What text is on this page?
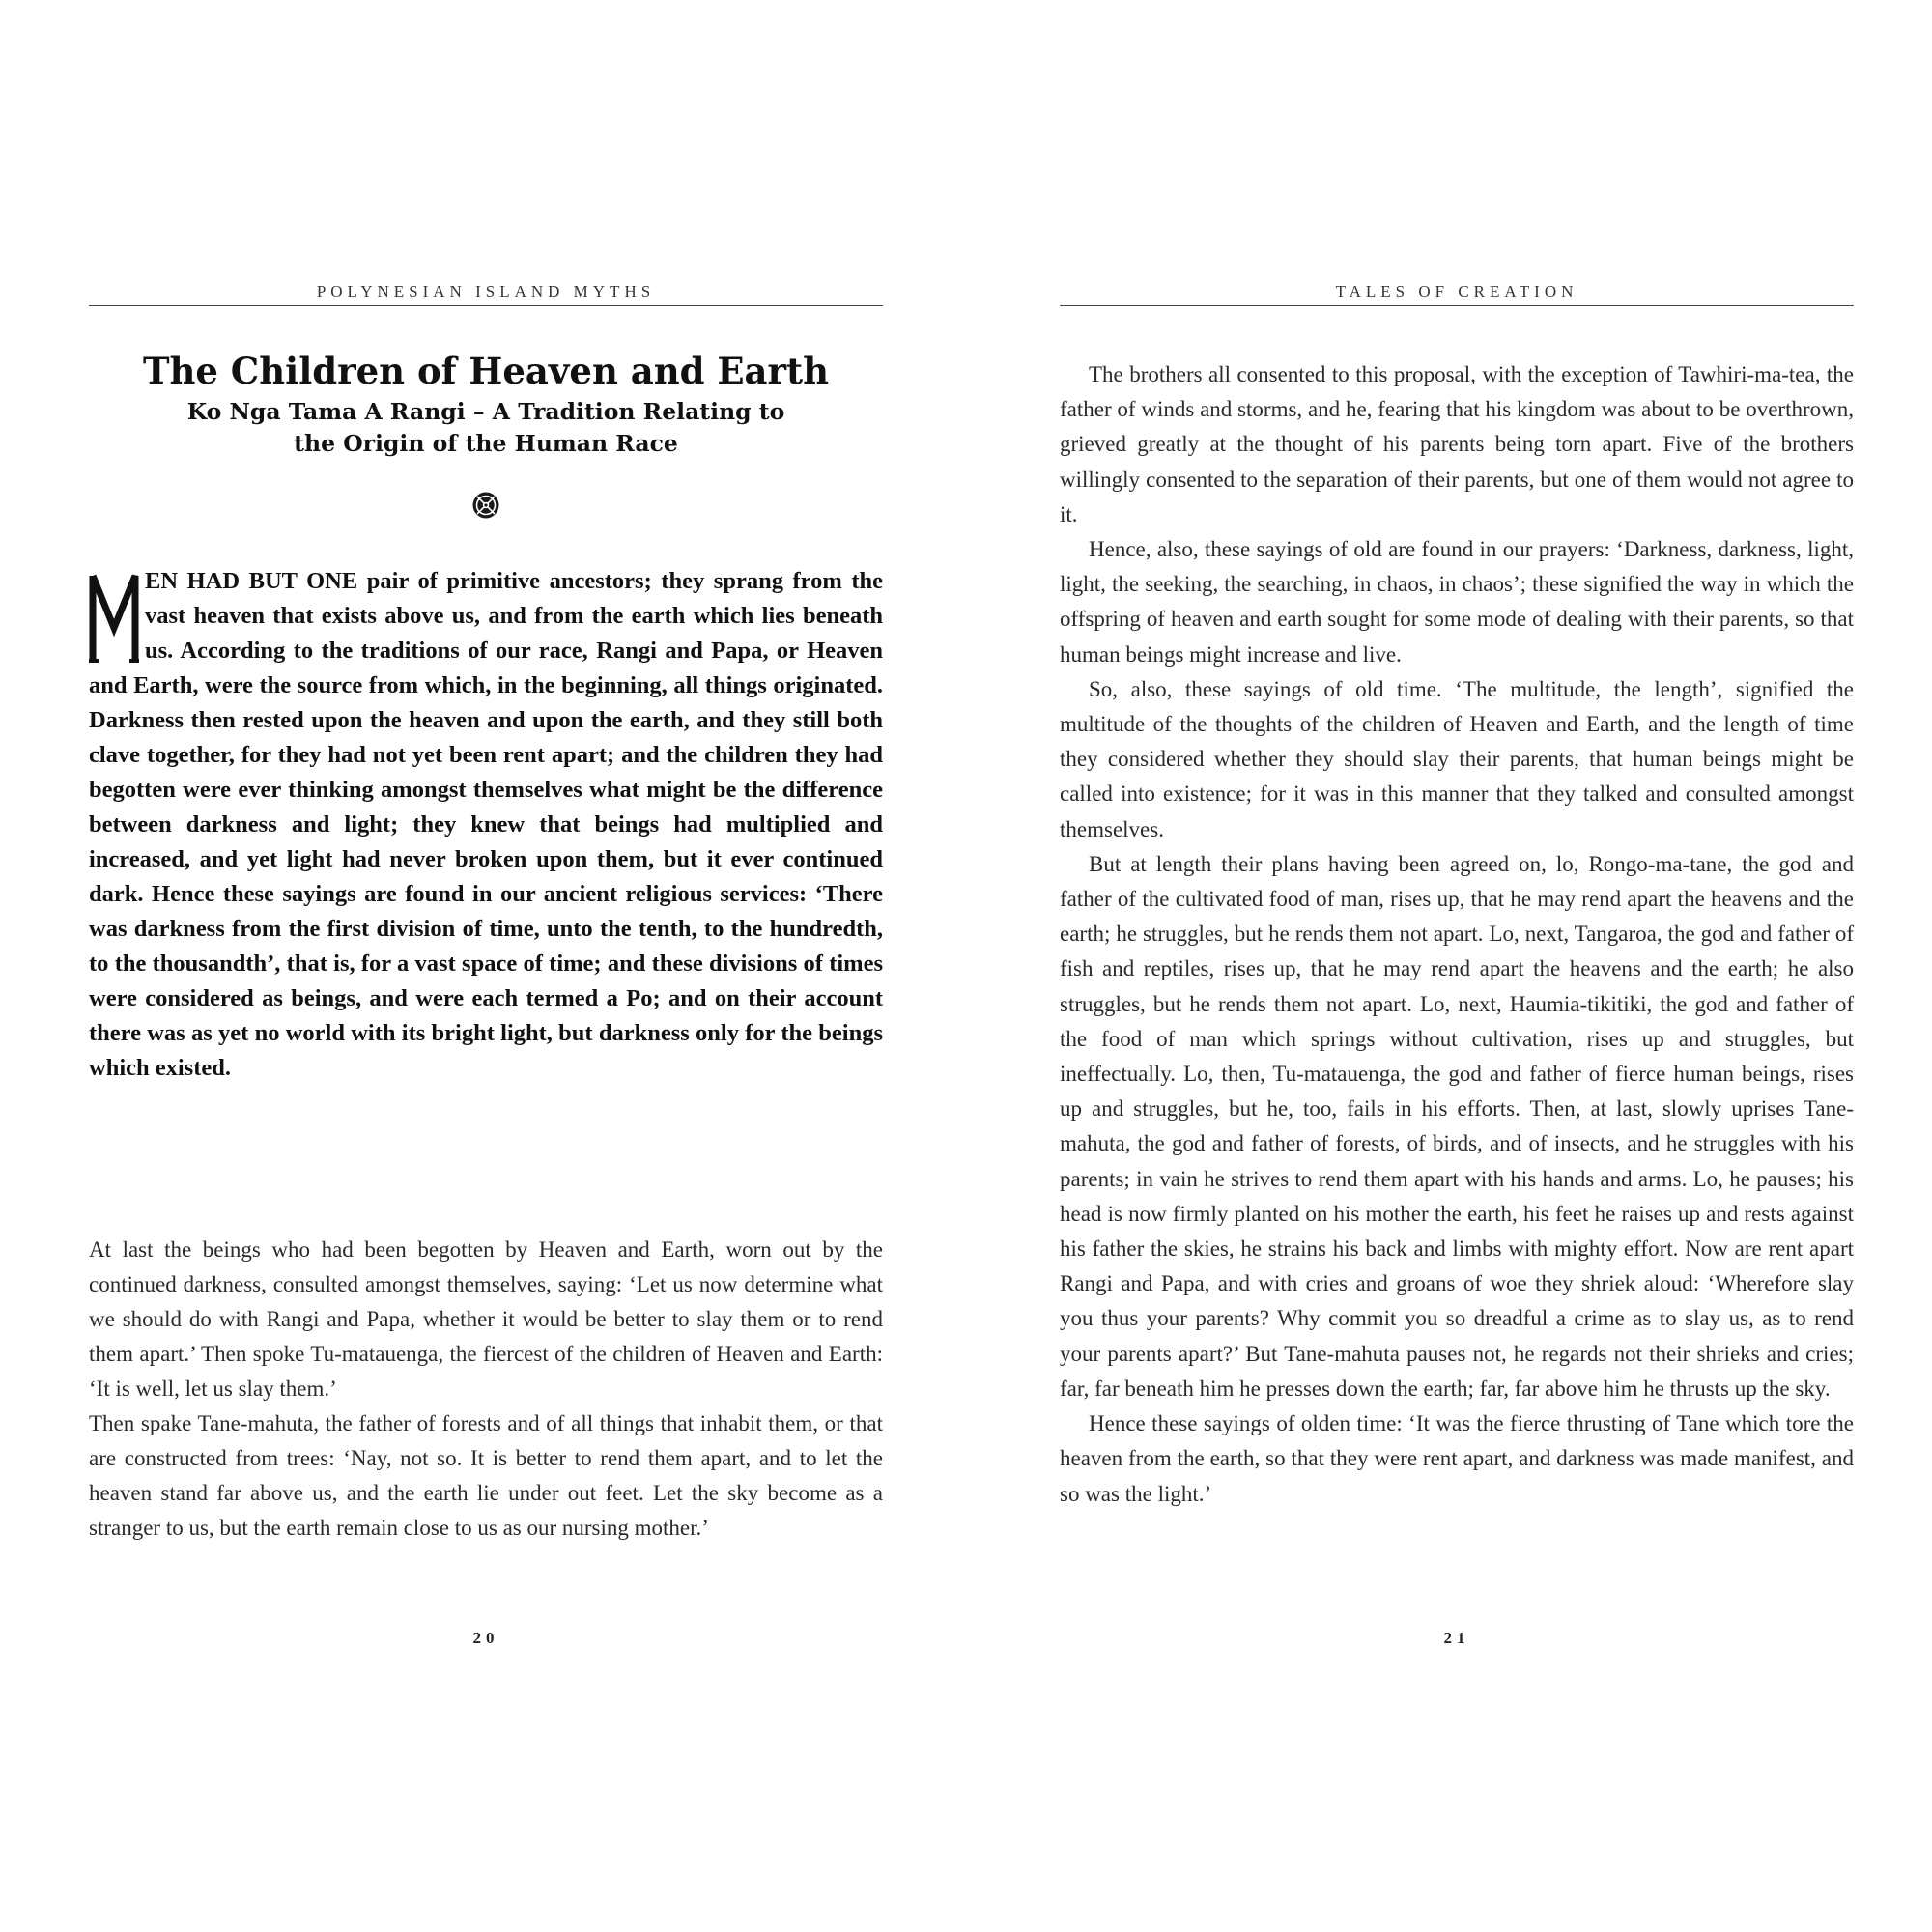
POLYNESIAN ISLAND MYTHS
The Children of Heaven and Earth
Ko Nga Tama A Rangi – A Tradition Relating to the Origin of the Human Race
EN HAD BUT ONE pair of primitive ancestors; they sprang from the vast heaven that exists above us, and from the earth which lies beneath us. According to the traditions of our race, Rangi and Papa, or Heaven and Earth, were the source from which, in the beginning, all things originated. Darkness then rested upon the heaven and upon the earth, and they still both clave together, for they had not yet been rent apart; and the children they had begotten were ever thinking amongst themselves what might be the difference between darkness and light; they knew that beings had multiplied and increased, and yet light had never broken upon them, but it ever continued dark. Hence these sayings are found in our ancient religious services: ‘There was darkness from the first division of time, unto the tenth, to the hundredth, to the thousandth’, that is, for a vast space of time; and these divisions of times were considered as beings, and were each termed a Po; and on their account there was as yet no world with its bright light, but darkness only for the beings which existed.

At last the beings who had been begotten by Heaven and Earth, worn out by the continued darkness, consulted amongst themselves, saying: ‘Let us now determine what we should do with Rangi and Papa, whether it would be better to slay them or to rend them apart.’ Then spoke Tu-matauenga, the fiercest of the children of Heaven and Earth: ‘It is well, let us slay them.’

Then spake Tane-mahuta, the father of forests and of all things that inhabit them, or that are constructed from trees: ‘Nay, not so. It is better to rend them apart, and to let the heaven stand far above us, and the earth lie under out feet. Let the sky become as a stranger to us, but the earth remain close to us as our nursing mother.’

20
TALES OF CREATION

The brothers all consented to this proposal, with the exception of Tawhiri-ma-tea, the father of winds and storms, and he, fearing that his kingdom was about to be overthrown, grieved greatly at the thought of his parents being torn apart. Five of the brothers willingly consented to the separation of their parents, but one of them would not agree to it.

Hence, also, these sayings of old are found in our prayers: ‘Darkness, darkness, light, light, the seeking, the searching, in chaos, in chaos’; these signified the way in which the offspring of heaven and earth sought for some mode of dealing with their parents, so that human beings might increase and live.

So, also, these sayings of old time. ‘The multitude, the length’, signified the multitude of the thoughts of the children of Heaven and Earth, and the length of time they considered whether they should slay their parents, that human beings might be called into existence; for it was in this manner that they talked and consulted amongst themselves.

But at length their plans having been agreed on, lo, Rongo-ma-tane, the god and father of the cultivated food of man, rises up, that he may rend apart the heavens and the earth; he struggles, but he rends them not apart. Lo, next, Tangaroa, the god and father of fish and reptiles, rises up, that he may rend apart the heavens and the earth; he also struggles, but he rends them not apart. Lo, next, Haumia-tikitiki, the god and father of the food of man which springs without cultivation, rises up and struggles, but ineffectually. Lo, then, Tu-matauenga, the god and father of fierce human beings, rises up and struggles, but he, too, fails in his efforts. Then, at last, slowly uprises Tane-mahuta, the god and father of forests, of birds, and of insects, and he struggles with his parents; in vain he strives to rend them apart with his hands and arms. Lo, he pauses; his head is now firmly planted on his mother the earth, his feet he raises up and rests against his father the skies, he strains his back and limbs with mighty effort. Now are rent apart Rangi and Papa, and with cries and groans of woe they shriek aloud: ‘Wherefore slay you thus your parents? Why commit you so dreadful a crime as to slay us, as to rend your parents apart?’ But Tane-mahuta pauses not, he regards not their shrieks and cries; far, far beneath him he presses down the earth; far, far above him he thrusts up the sky.

Hence these sayings of olden time: ‘It was the fierce thrusting of Tane which tore the heaven from the earth, so that they were rent apart, and darkness was made manifest, and so was the light.’

21
